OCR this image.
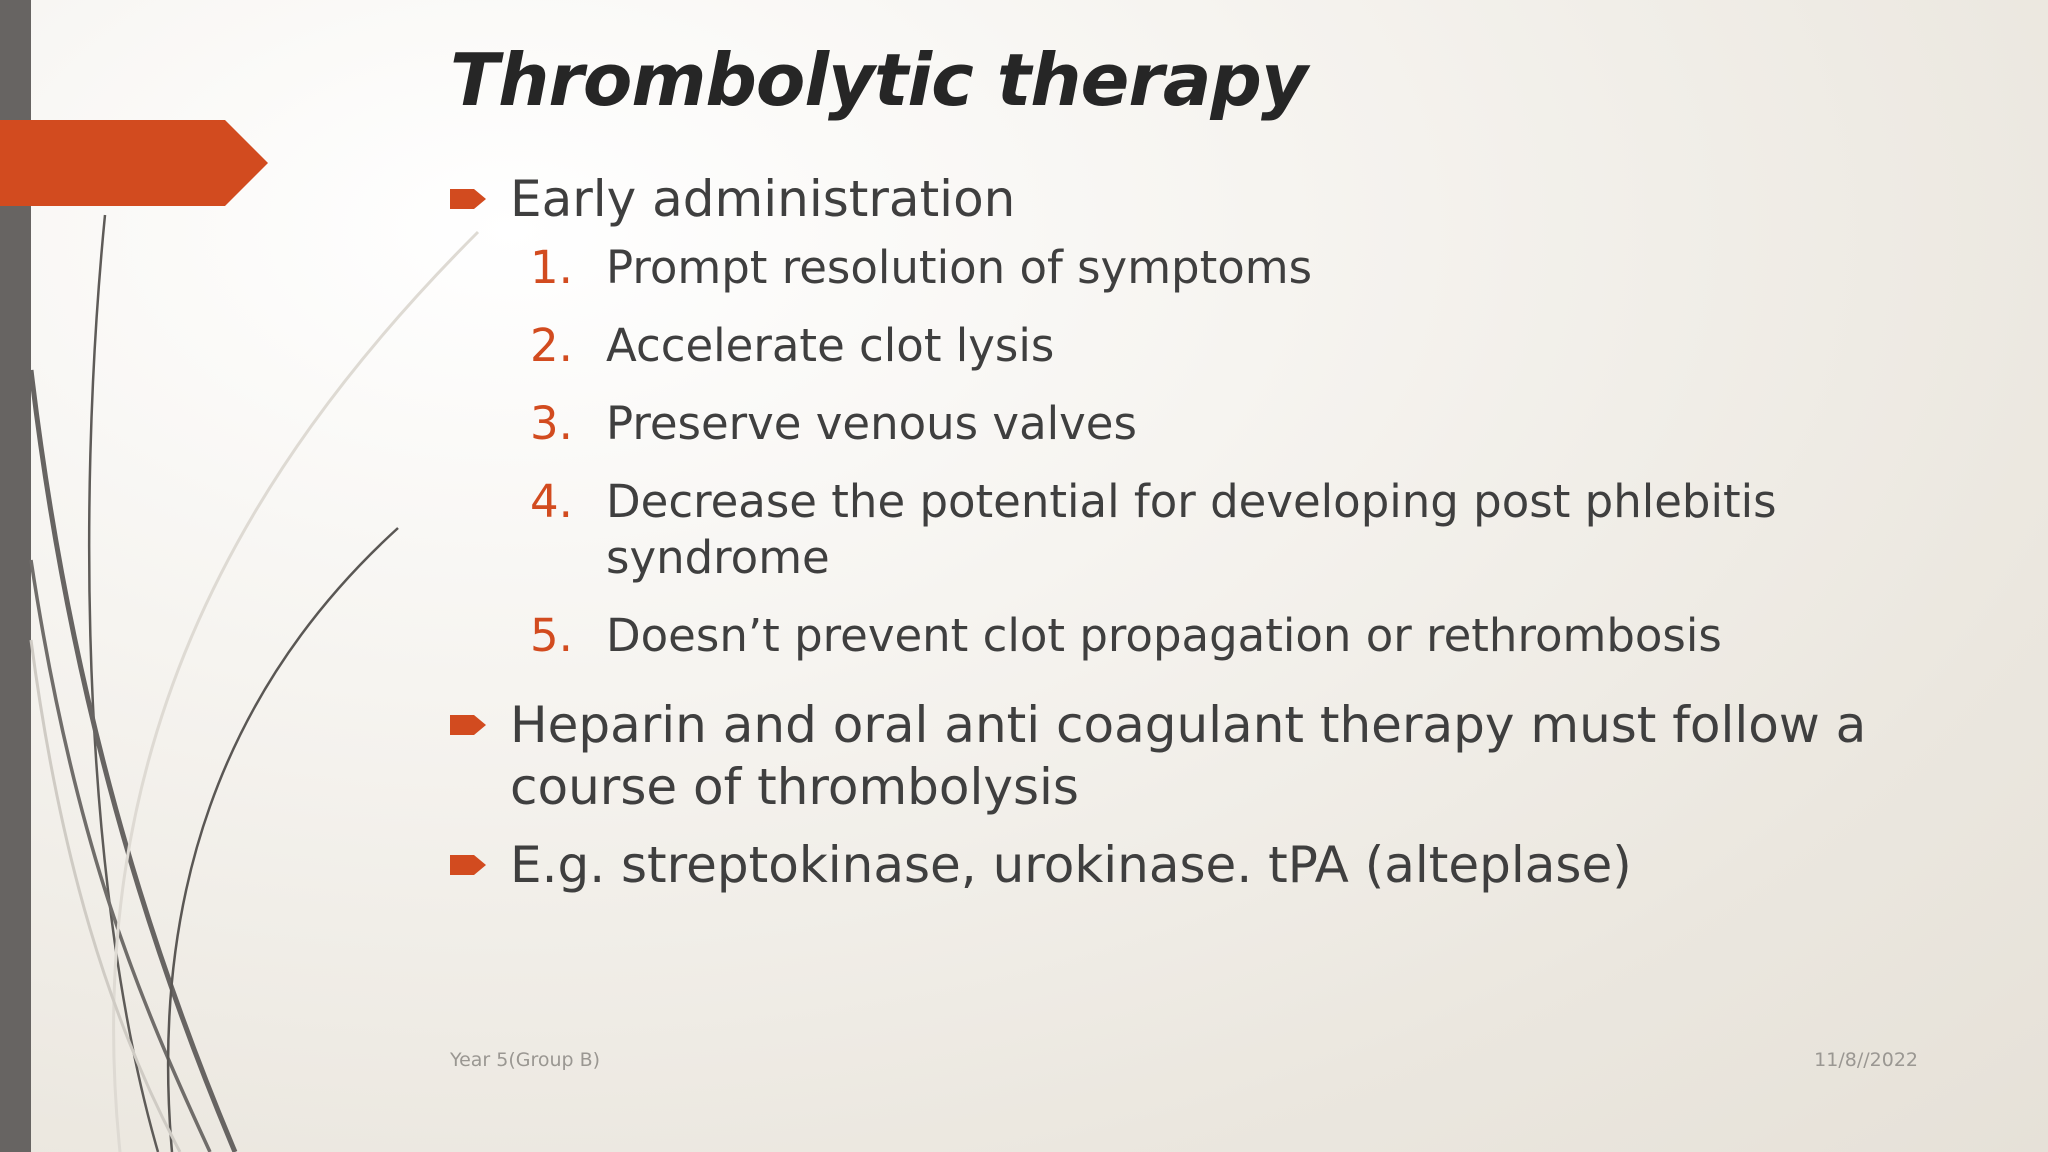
Thrombolytic therapy
Early administration
1. Prompt resolution of symptoms
2. Accelerate clot lysis
3. Preserve venous valves
4. Decrease the potential for developing post phlebitis syndrome
5. Doesn’t prevent clot propagation or rethrombosis
Heparin and oral anti coagulant therapy must follow a course of thrombolysis
E.g. streptokinase, urokinase. tPA (alteplase)
Year 5(Group B)	11/8//2022
